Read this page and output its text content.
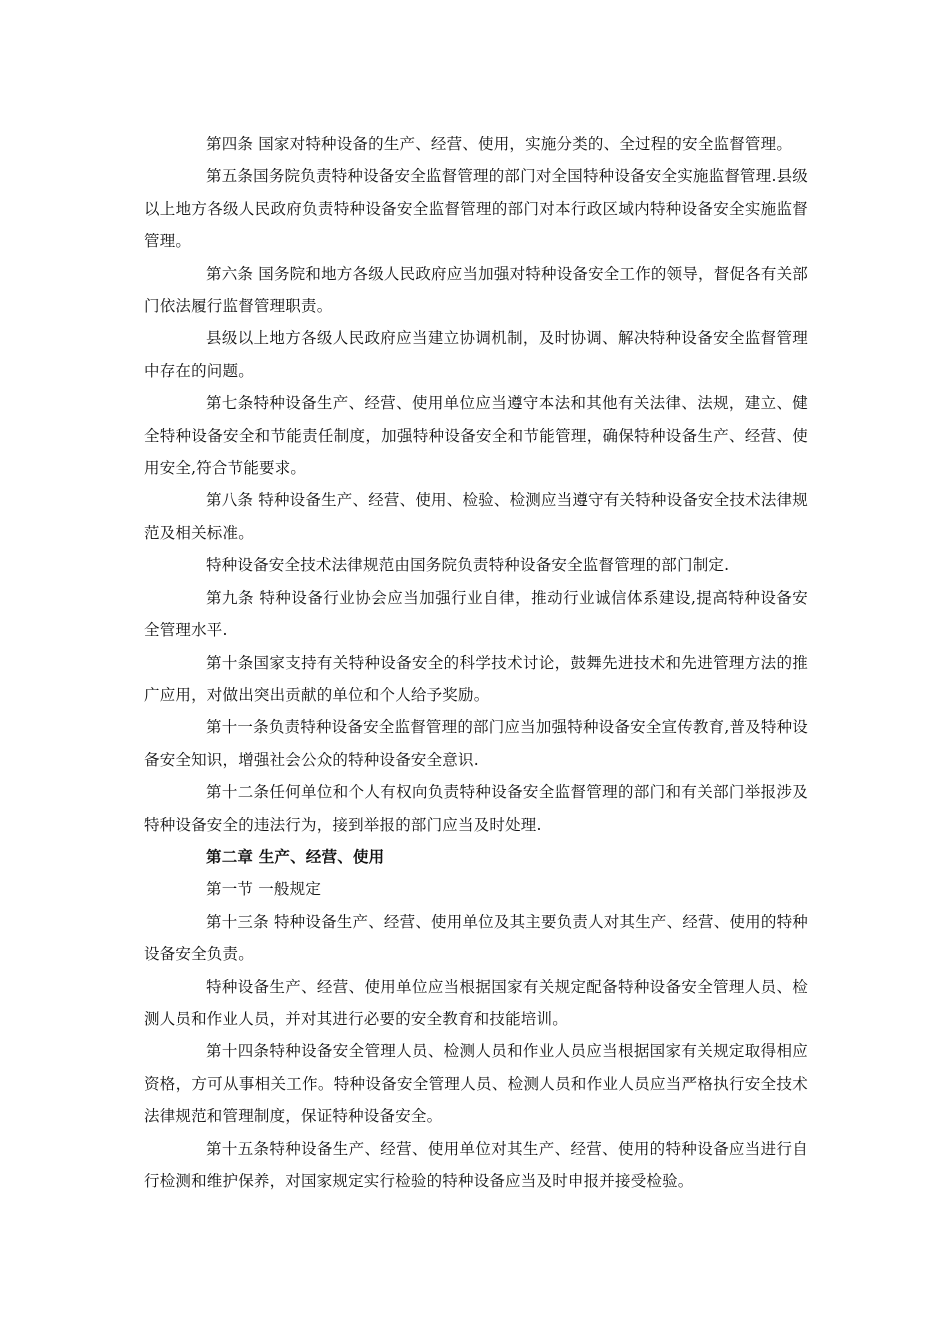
第四条 国家对特种设备的生产、经营、使用，实施分类的、全过程的安全监督管理。

第五条国务院负责特种设备安全监督管理的部门对全国特种设备安全实施监督管理.县级以上地方各级人民政府负责特种设备安全监督管理的部门对本行政区域内特种设备安全实施监督管理。

第六条 国务院和地方各级人民政府应当加强对特种设备安全工作的领导，督促各有关部门依法履行监督管理职责。

县级以上地方各级人民政府应当建立协调机制，及时协调、解决特种设备安全监督管理中存在的问题。

第七条特种设备生产、经营、使用单位应当遵守本法和其他有关法律、法规，建立、健全特种设备安全和节能责任制度，加强特种设备安全和节能管理，确保特种设备生产、经营、使用安全,符合节能要求。

第八条 特种设备生产、经营、使用、检验、检测应当遵守有关特种设备安全技术法律规范及相关标准。

特种设备安全技术法律规范由国务院负责特种设备安全监督管理的部门制定.

第九条 特种设备行业协会应当加强行业自律，推动行业诚信体系建设,提高特种设备安全管理水平.

第十条国家支持有关特种设备安全的科学技术讨论，鼓舞先进技术和先进管理方法的推广应用，对做出突出贡献的单位和个人给予奖励。

第十一条负责特种设备安全监督管理的部门应当加强特种设备安全宣传教育,普及特种设备安全知识，增强社会公众的特种设备安全意识.

第十二条任何单位和个人有权向负责特种设备安全监督管理的部门和有关部门举报涉及特种设备安全的违法行为，接到举报的部门应当及时处理.

第二章 生产、经营、使用

第一节 一般规定

第十三条 特种设备生产、经营、使用单位及其主要负责人对其生产、经营、使用的特种设备安全负责。

特种设备生产、经营、使用单位应当根据国家有关规定配备特种设备安全管理人员、检测人员和作业人员，并对其进行必要的安全教育和技能培训。

第十四条特种设备安全管理人员、检测人员和作业人员应当根据国家有关规定取得相应资格，方可从事相关工作。特种设备安全管理人员、检测人员和作业人员应当严格执行安全技术法律规范和管理制度，保证特种设备安全。

第十五条特种设备生产、经营、使用单位对其生产、经营、使用的特种设备应当进行自行检测和维护保养，对国家规定实行检验的特种设备应当及时申报并接受检验。
